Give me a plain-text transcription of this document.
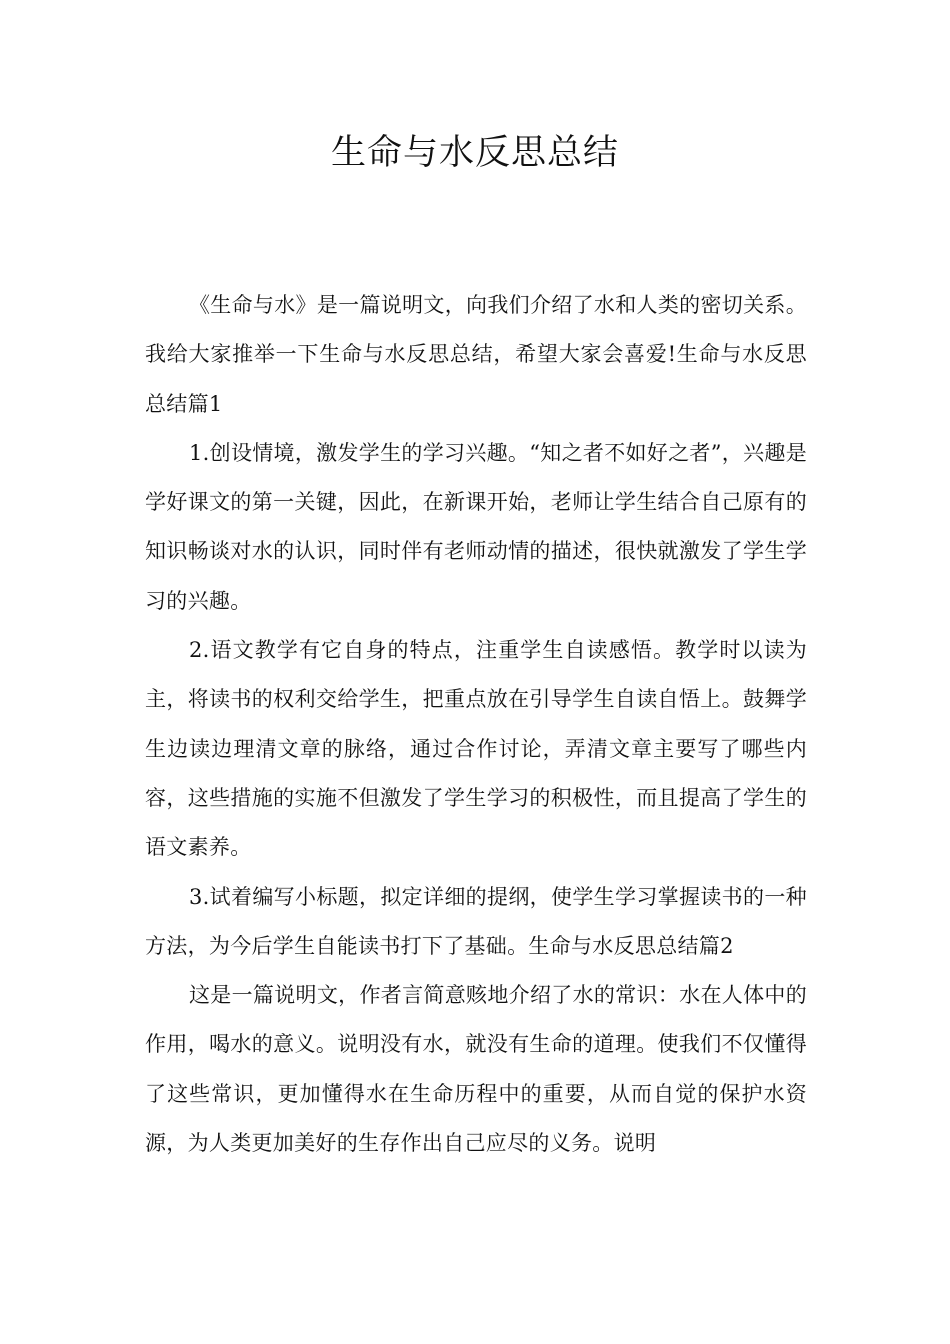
生命与水反思总结

《生命与水》是一篇说明文，向我们介绍了水和人类的密切关系。我给大家推举一下生命与水反思总结，希望大家会喜爱!生命与水反思总结篇1

1.创设情境，激发学生的学习兴趣。“知之者不如好之者”，兴趣是学好课文的第一关键，因此，在新课开始，老师让学生结合自己原有的知识畅谈对水的认识，同时伴有老师动情的描述，很快就激发了学生学习的兴趣。

2.语文教学有它自身的特点，注重学生自读感悟。教学时以读为主，将读书的权利交给学生，把重点放在引导学生自读自悟上。鼓舞学生边读边理清文章的脉络，通过合作讨论，弄清文章主要写了哪些内容，这些措施的实施不但激发了学生学习的积极性，而且提高了学生的语文素养。

3.试着编写小标题，拟定详细的提纲，使学生学习掌握读书的一种方法，为今后学生自能读书打下了基础。生命与水反思总结篇2

这是一篇说明文，作者言简意赅地介绍了水的常识：水在人体中的作用，喝水的意义。说明没有水，就没有生命的道理。使我们不仅懂得了这些常识，更加懂得水在生命历程中的重要，从而自觉的保护水资源，为人类更加美好的生存作出自己应尽的义务。说明
